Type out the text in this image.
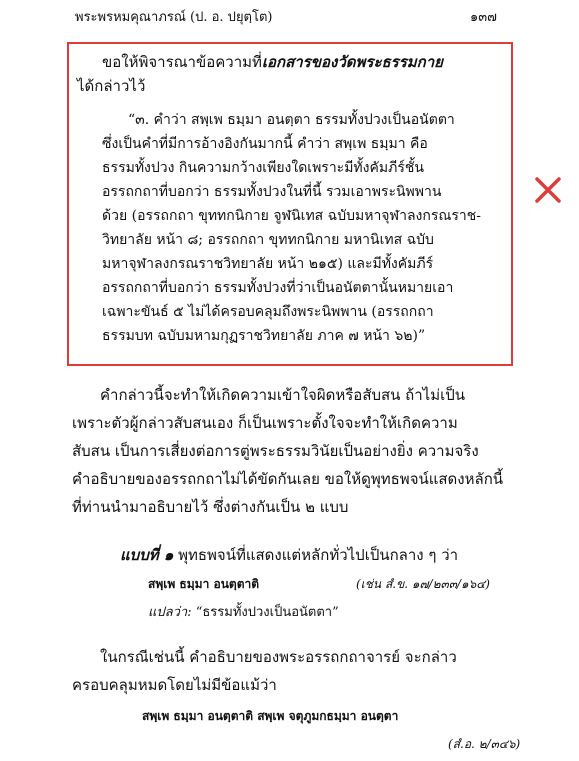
พระพรหมคุณาภรณ์ (ป. อ. ปยุตฺโต)	๑๓๗
ขอให้พิจารณาข้อความที่เอกสารของวัดพระธรรมกาย
ได้กล่าวไว้
“๓. คำว่า สพฺเพ ธมฺมา อนตฺตา ธรรมทั้งปวงเป็นอนัตตา
ซึ่งเป็นคำที่มีการอ้างอิงกันมากนี้ คำว่า สพฺเพ ธมฺมา คือ
ธรรมทั้งปวง กินความกว้างเพียงใดเพราะมีทั้งคัมภีร์ชั้น
อรรถกถาที่บอกว่า ธรรมทั้งปวงในที่นี้ รวมเอาพระนิพพาน
ด้วย (อรรถกถา ขุททกนิกาย จูฬนิเทส ฉบับมหาจุฬาลงกรณราช-
วิทยาลัย หน้า ๘; อรรถกถา ขุททกนิกาย มหานิเทส ฉบับ
มหาจุฬาลงกรณราชวิทยาลัย หน้า ๒๑๕) และมีทั้งคัมภีร์
อรรถกถาที่บอกว่า ธรรมทั้งปวงที่ว่าเป็นอนัตตานั้นหมายเอา
เฉพาะขันธ์ ๕ ไม่ได้ครอบคลุมถึงพระนิพพาน (อรรถกถา
ธรรมบท ฉบับมหามกุฏราชวิทยาลัย ภาค ๗ หน้า ๖๒)”
คำกล่าวนี้จะทำให้เกิดความเข้าใจผิดหรือสับสน ถ้าไม่เป็น
เพราะตัวผู้กล่าวสับสนเอง ก็เป็นเพราะตั้งใจจะทำให้เกิดความ
สับสน เป็นการเสี่ยงต่อการตู่พระธรรมวินัยเป็นอย่างยิ่ง ความจริง
คำอธิบายของอรรถกถาไม่ได้ขัดกันเลย ขอให้ดูพุทธพจน์แสดงหลักนี้
ที่ท่านนำมาอธิบายไว้ ซึ่งต่างกันเป็น ๒ แบบ
แบบที่ ๑ พุทธพจน์ที่แสดงแต่หลักทั่วไปเป็นกลาง ๆ ว่า
สพฺเพ ธมฺมา อนตฺตาติ	(เช่น สํ.ข. ๑๗/๒๓๓/๑๖๔)
แปลว่า: “ธรรมทั้งปวงเป็นอนัตตา”
ในกรณีเช่นนี้ คำอธิบายของพระอรรถกถาจารย์ จะกล่าว
ครอบคลุมหมดโดยไม่มีข้อแม้ว่า
สพฺเพ ธมฺมา อนตฺตาติ สพฺเพ จตุภูมกธมฺมา อนตฺตา
(สํ.อ. ๒/๓๔๖)
